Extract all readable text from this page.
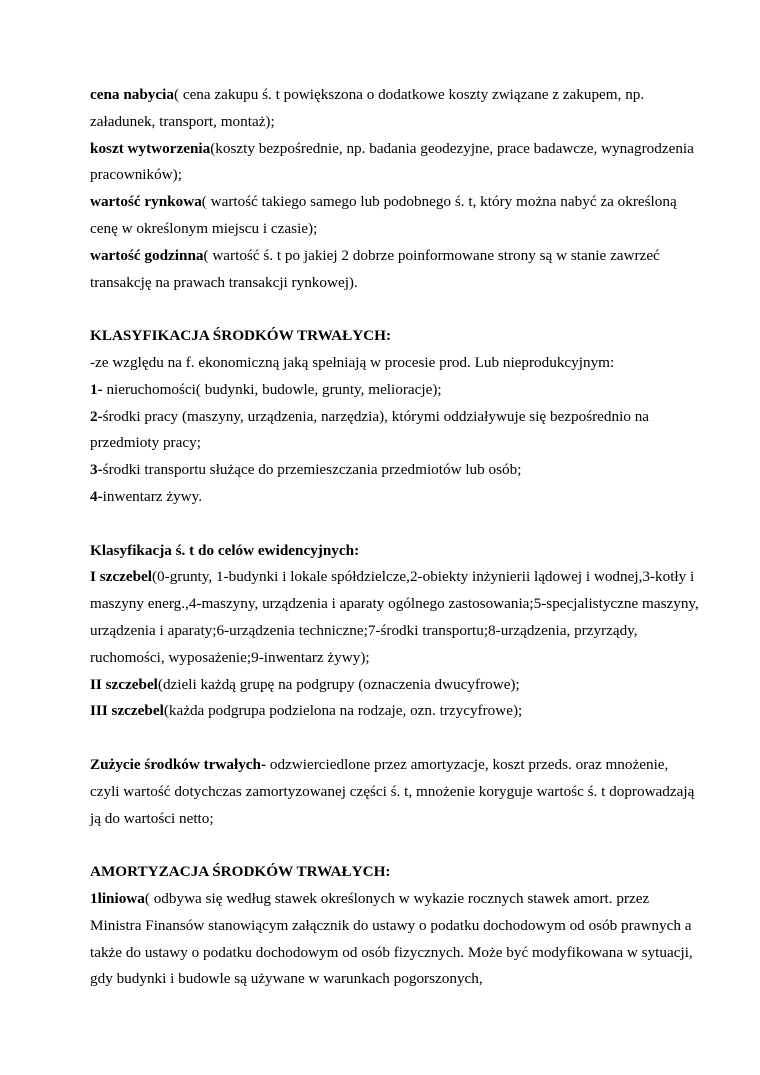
cena nabycia( cena zakupu ś. t powiększona o dodatkowe koszty związane z zakupem, np. załadunek, transport, montaż);

koszt wytworzenia(koszty bezpośrednie, np. badania geodezyjne, prace badawcze, wynagrodzenia pracowników);

wartość rynkowa( wartość takiego samego lub podobnego ś. t, który można nabyć za określoną cenę w określonym miejscu i czasie);

wartość godzinna( wartość ś. t po jakiej 2 dobrze poinformowane strony są w stanie zawrzeć transakcję na prawach transakcji rynkowej).

KLASYFIKACJA ŚRODKÓW TRWAŁYCH:

-ze względu na f. ekonomiczną jaką spełniają w procesie prod. Lub nieprodukcyjnym:

1- nieruchomości( budynki, budowle, grunty, melioracje);

2-środki pracy (maszyny, urządzenia, narzędzia), którymi oddziaływuje się bezpośrednio na przedmioty pracy;

3-środki transportu służące do przemieszczania przedmiotów lub osób;

4-inwentarz żywy.

Klasyfikacja ś. t do celów ewidencyjnych:

I szczebel(0-grunty, 1-budynki i lokale spółdzielcze,2-obiekty inżynierii lądowej i wodnej,3-kotły i maszyny energ.,4-maszyny, urządzenia i aparaty ogólnego zastosowania;5-specjalistyczne maszyny, urządzenia i aparaty;6-urządzenia techniczne;7-środki transportu;8-urządzenia, przyrządy, ruchomości, wyposażenie;9-inwentarz żywy);

II szczebel(dzieli każdą grupę na podgrupy (oznaczenia dwucyfrowe);

III szczebel(każda podgrupa podzielona na rodzaje, ozn. trzycyfrowe);

Zużycie środków trwałych- odzwierciedlone przez amortyzacje, koszt przeds. oraz mnożenie, czyli wartość dotychczas zamortyzowanej części ś. t, mnożenie koryguje wartośc ś. t doprowadzają ją do wartości netto;

AMORTYZACJA ŚRODKÓW TRWAŁYCH:

1liniowa( odbywa się według stawek określonych w wykazie rocznych stawek amort. przez Ministra Finansów stanowiącym załącznik do ustawy o podatku dochodowym od osób prawnych a także do ustawy o podatku dochodowym od osób fizycznych. Może być modyfikowana w sytuacji, gdy budynki i budowle są używane w warunkach pogorszonych,
